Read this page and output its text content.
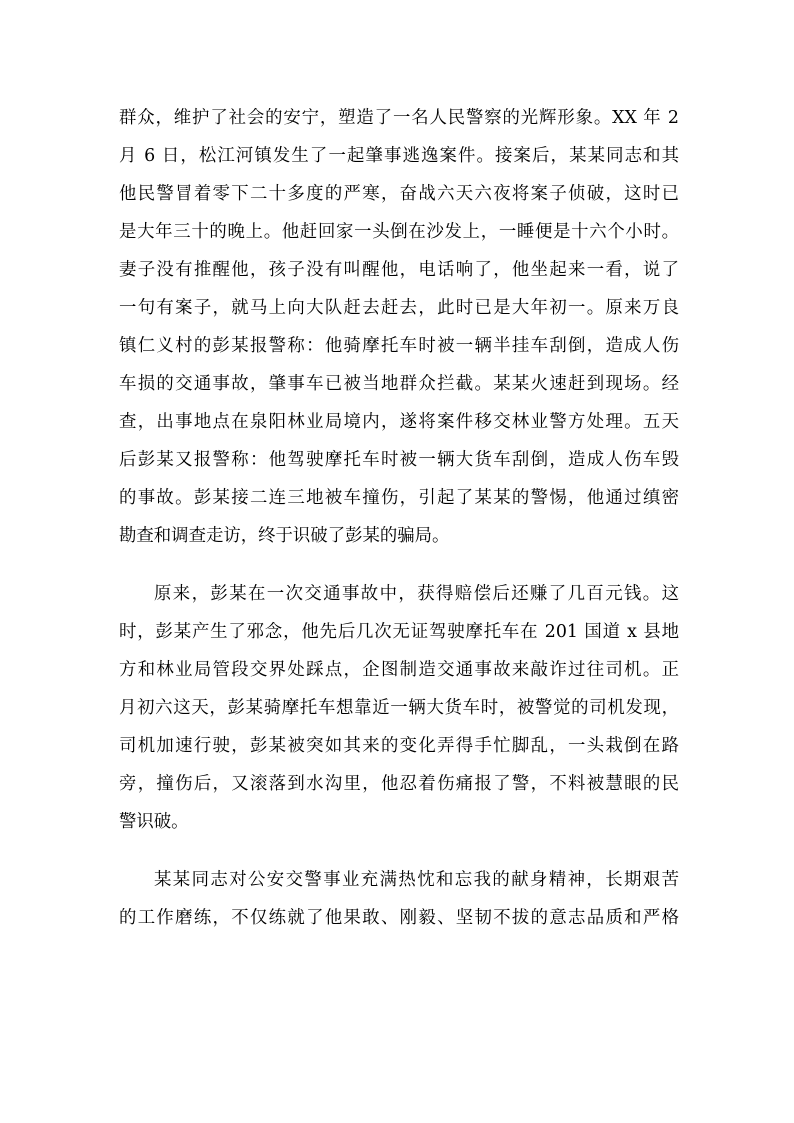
群众，维护了社会的安宁，塑造了一名人民警察的光辉形象。XX 年 2
月 6 日，松江河镇发生了一起肇事逃逸案件。接案后，某某同志和其
他民警冒着零下二十多度的严寒，奋战六天六夜将案子侦破，这时已
是大年三十的晚上。他赶回家一头倒在沙发上，一睡便是十六个小时。
妻子没有推醒他，孩子没有叫醒他，电话响了，他坐起来一看，说了
一句有案子，就马上向大队赶去赶去，此时已是大年初一。原来万良
镇仁义村的彭某报警称：他骑摩托车时被一辆半挂车刮倒，造成人伤
车损的交通事故，肇事车已被当地群众拦截。某某火速赶到现场。经
查，出事地点在泉阳林业局境内，遂将案件移交林业警方处理。五天
后彭某又报警称：他驾驶摩托车时被一辆大货车刮倒，造成人伤车毁
的事故。彭某接二连三地被车撞伤，引起了某某的警惕，他通过缜密
勘查和调查走访，终于识破了彭某的骗局。
原来，彭某在一次交通事故中，获得赔偿后还赚了几百元钱。这
时，彭某产生了邪念，他先后几次无证驾驶摩托车在 201 国道 x 县地
方和林业局管段交界处踩点，企图制造交通事故来敲诈过往司机。正
月初六这天，彭某骑摩托车想靠近一辆大货车时，被警觉的司机发现，
司机加速行驶，彭某被突如其来的变化弄得手忙脚乱，一头栽倒在路
旁，撞伤后，又滚落到水沟里，他忍着伤痛报了警，不料被慧眼的民
警识破。
某某同志对公安交警事业充满热忱和忘我的献身精神，长期艰苦
的工作磨练，不仅练就了他果敢、刚毅、坚韧不拔的意志品质和严格
